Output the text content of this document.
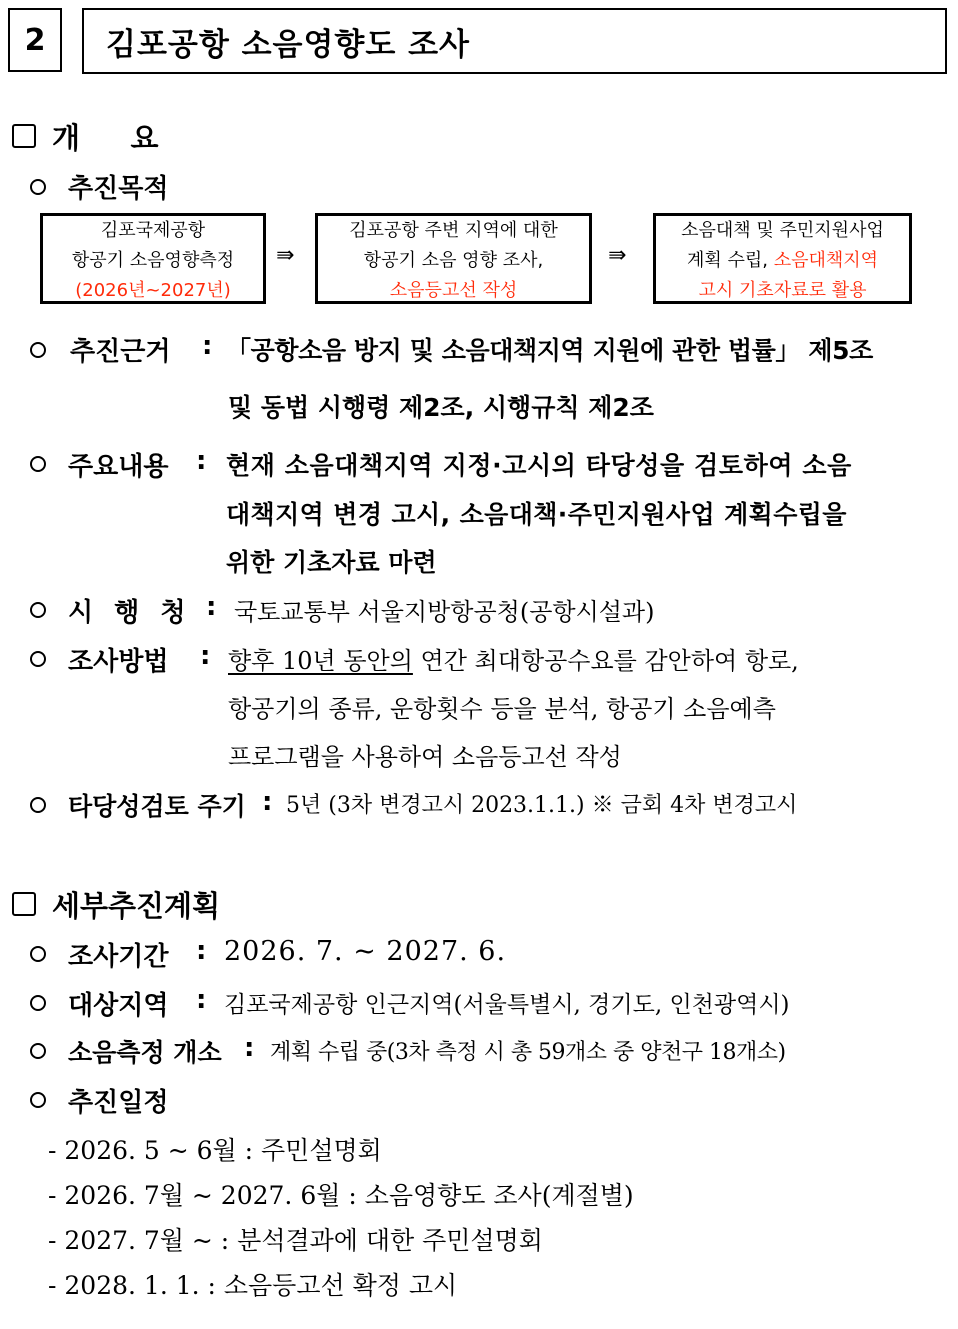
2	김포공항 소음영향도 조사
개     요
추진목적
김포국제공항
항공기 소음영향측정
(2026년~2027년)
⇛
김포공항 주변 지역에 대한
항공기 소음 영향 조사,
소음등고선 작성
⇛
소음대책 및 주민지원사업
계획 수립, 소음대책지역
고시 기초자료로 활용
추진근거 : 「공항소음 방지 및 소음대책지역 지원에 관한 법률」 제5조
및 동법 시행령 제2조, 시행규칙 제2조
주요내용 : 현재 소음대책지역 지정·고시의 타당성을 검토하여 소음
대책지역 변경 고시, 소음대책·주민지원사업 계획수립을
위한 기초자료 마련
시 행 청 : 국토교통부 서울지방항공청(공항시설과)
조사방법 : 향후 10년 동안의 연간 최대항공수요를 감안하여 항로,
항공기의 종류, 운항횟수 등을 분석, 항공기 소음예측
프로그램을 사용하여 소음등고선 작성
타당성검토 주기 : 5년 (3차 변경고시 2023.1.1.) ※ 금회 4차 변경고시
세부추진계획
조사기간 : 2026. 7. ~ 2027. 6.
대상지역 : 김포국제공항 인근지역(서울특별시, 경기도, 인천광역시)
소음측정 개소 : 계획 수립 중(3차 측정 시 총 59개소 중 양천구 18개소)
추진일정
- 2026. 5 ~ 6월 : 주민설명회
- 2026. 7월 ~ 2027. 6월 : 소음영향도 조사(계절별)
- 2027. 7월 ~ : 분석결과에 대한 주민설명회
- 2028. 1. 1. : 소음등고선 확정 고시
